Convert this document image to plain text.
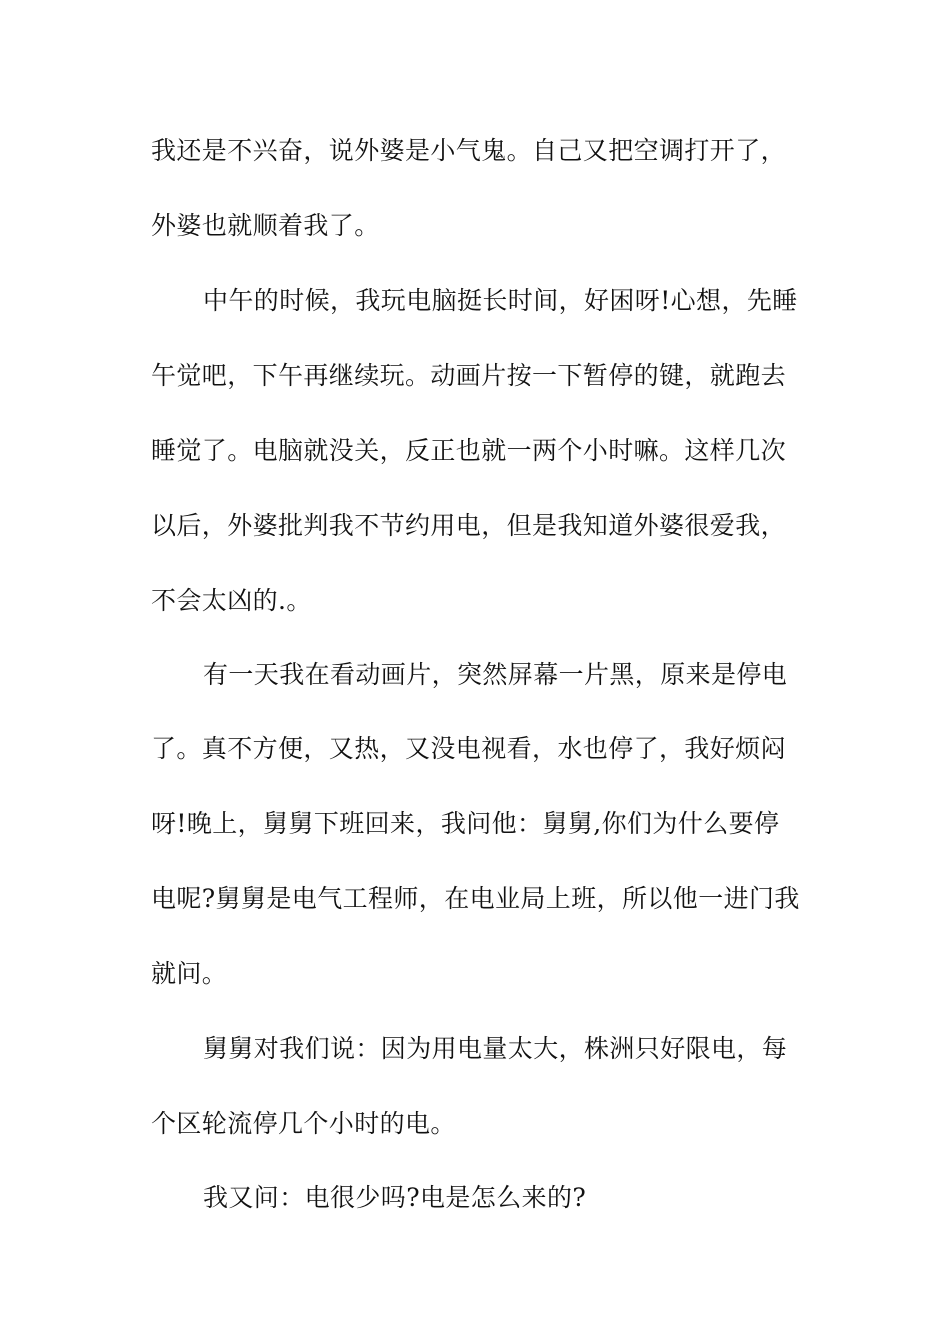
我还是不兴奋，说外婆是小气鬼。自己又把空调打开了，
外婆也就顺着我了。
中午的时候，我玩电脑挺长时间，好困呀!心想，先睡
午觉吧，下午再继续玩。动画片按一下暂停的键，就跑去
睡觉了。电脑就没关，反正也就一两个小时嘛。这样几次
以后，外婆批判我不节约用电，但是我知道外婆很爱我，
不会太凶的.。
有一天我在看动画片，突然屏幕一片黑，原来是停电
了。真不方便，又热，又没电视看，水也停了，我好烦闷
呀!晚上，舅舅下班回来，我问他：舅舅,你们为什么要停
电呢?舅舅是电气工程师，在电业局上班，所以他一进门我
就问。
舅舅对我们说：因为用电量太大，株洲只好限电，每
个区轮流停几个小时的电。
我又问：电很少吗?电是怎么来的?
